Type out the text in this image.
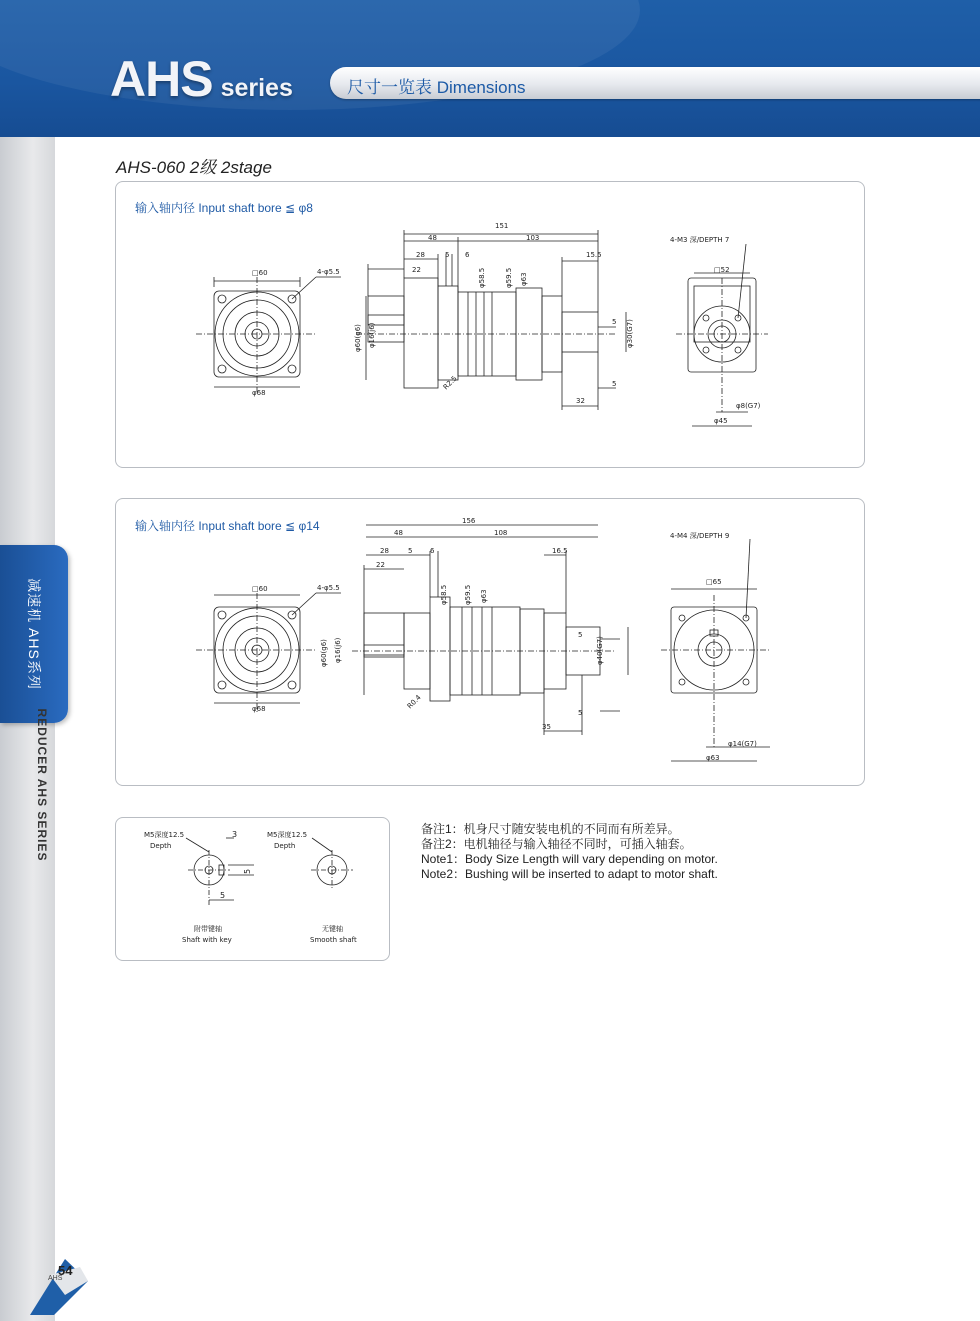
AHS series	尺寸一览表 Dimensions
减速机 AHS系列
REDUCER AHS SERIES
54
AHS
AHS-060 2级 2stage
输入轴内径 Input shaft bore ≦ φ8
□60	4-φ5.5
φ68
151
48	103
28	5 6
22
15.5
32
5
5
φ58.5	φ59.5 φ63
φ60(g6) φ16(j6)
R2.5
φ30(G7)
4-M3 深/DEPTH 7
□52
φ8(G7)
φ45
输入轴内径 Input shaft bore ≦ φ14
□60	4-φ5.5
φ68
156
48	108
28	5	6
22
16.5
35
5
5
φ58.5 φ59.5 φ63
φ60(g6) φ16(j6)
R0.4
φ40(G7)
4-M4 深/DEPTH 9
□65
φ14(G7)
φ63
M5深度12.5
Depth
3
5
5
附带键轴
Shaft with key
M5深度12.5
Depth
无键轴
Smooth shaft
备注1：机身尺寸随安装电机的不同而有所差异。
备注2：电机轴径与输入轴径不同时，可插入轴套。
Note1：Body Size Length will vary depending on motor.
Note2：Bushing will be inserted to adapt to motor shaft.
